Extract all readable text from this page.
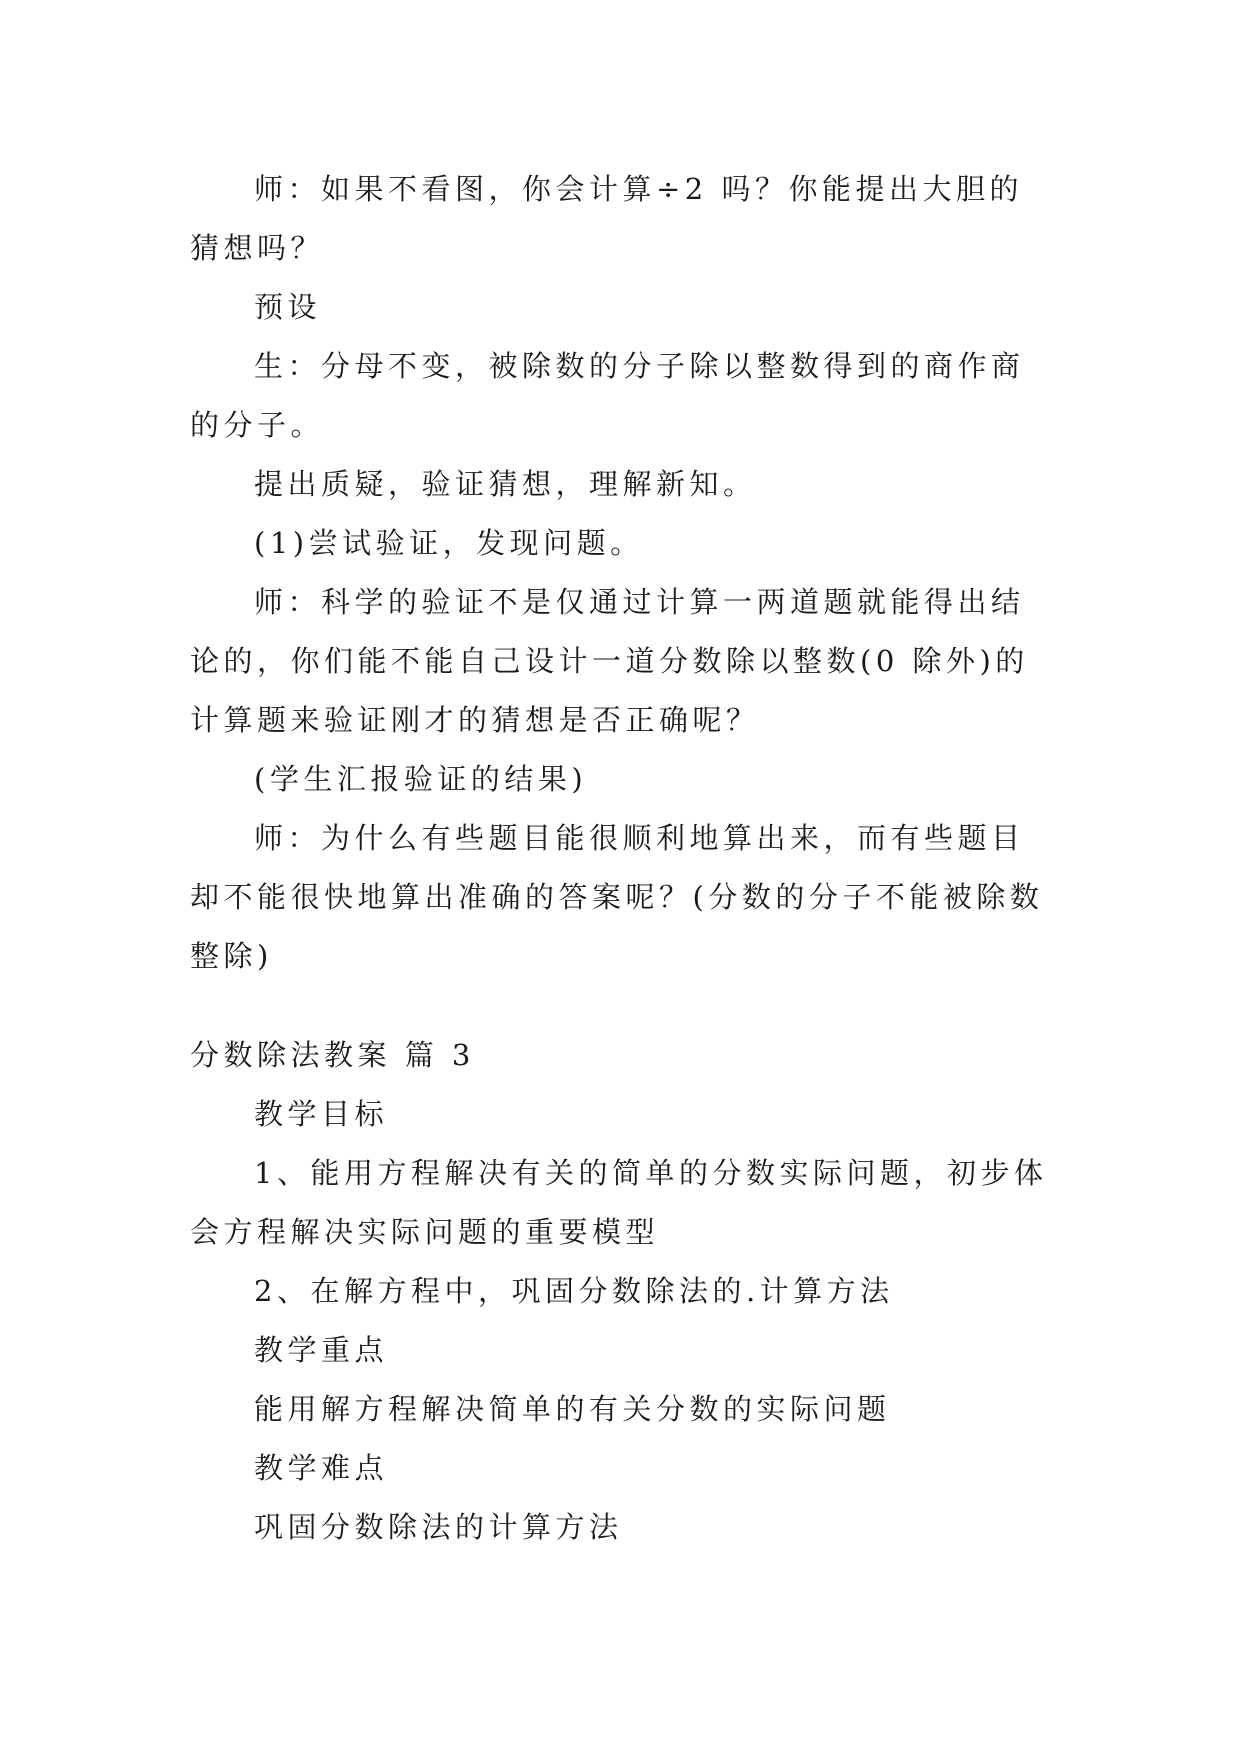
师：如果不看图，你会计算÷2 吗？你能提出大胆的猜想吗？

预设

生：分母不变，被除数的分子除以整数得到的商作商的分子。

提出质疑，验证猜想，理解新知。

(1)尝试验证，发现问题。

师：科学的验证不是仅通过计算一两道题就能得出结论的，你们能不能自己设计一道分数除以整数(0 除外)的计算题来验证刚才的猜想是否正确呢？

(学生汇报验证的结果)

师：为什么有些题目能很顺利地算出来，而有些题目却不能很快地算出准确的答案呢？(分数的分子不能被除数整除)

分数除法教案 篇 3

教学目标

1、能用方程解决有关的简单的分数实际问题，初步体会方程解决实际问题的重要模型

2、在解方程中，巩固分数除法的.计算方法

教学重点

能用解方程解决简单的有关分数的实际问题

教学难点

巩固分数除法的计算方法
